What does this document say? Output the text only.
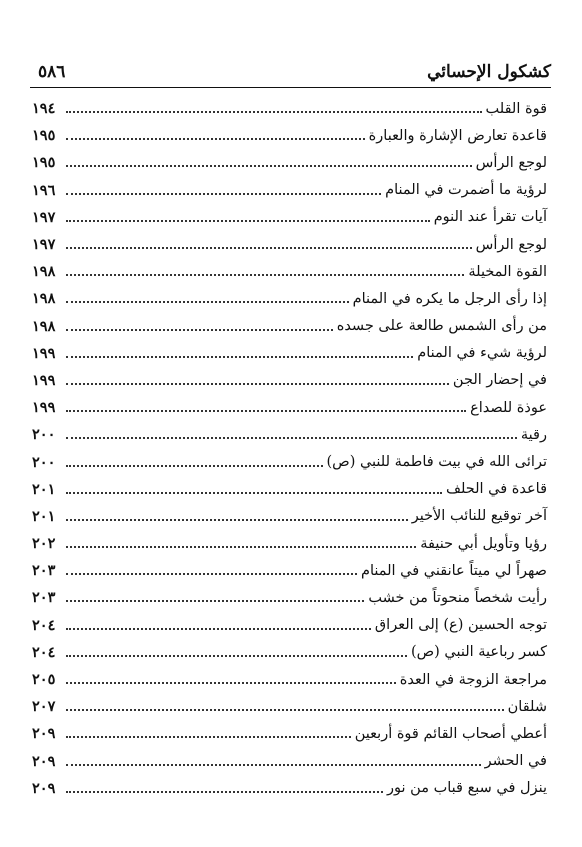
٥٨٦	كشكول الإحسائي
قوة القلب
١٩٤
قاعدة تعارض الإشارة والعبارة
١٩٥
لوجع الرأس
١٩٥
لرؤية ما أضمرت في المنام
١٩٦
آيات تقرأ عند النوم
١٩٧
لوجع الرأس
١٩٧
القوة المخيلة
١٩٨
إذا رأى الرجل ما يكره في المنام
١٩٨
من رأى الشمس طالعة على جسده
١٩٨
لرؤية شيء في المنام
١٩٩
في إحضار الجن
١٩٩
عوذة للصداع
١٩٩
رقية
٢٠٠
ترائى الله في بيت فاطمة للنبي (ص)
٢٠٠
قاعدة في الحلف
٢٠١
آخر توقيع للنائب الأخير
٢٠١
رؤيا وتأويل أبي حنيفة
٢٠٢
صهراً لي ميتاً عانقني في المنام
٢٠٣
رأيت شخصاً منحوتاً من خشب
٢٠٣
توجه الحسين (ع) إلى العراق
٢٠٤
كسر رباعية النبي (ص)
٢٠٤
مراجعة الزوجة في العدة
٢٠٥
شلقان
٢٠٧
أعطي أصحاب القائم قوة أربعين
٢٠٩
في الحشر
٢٠٩
ينزل في سبع قباب من نور
٢٠٩
